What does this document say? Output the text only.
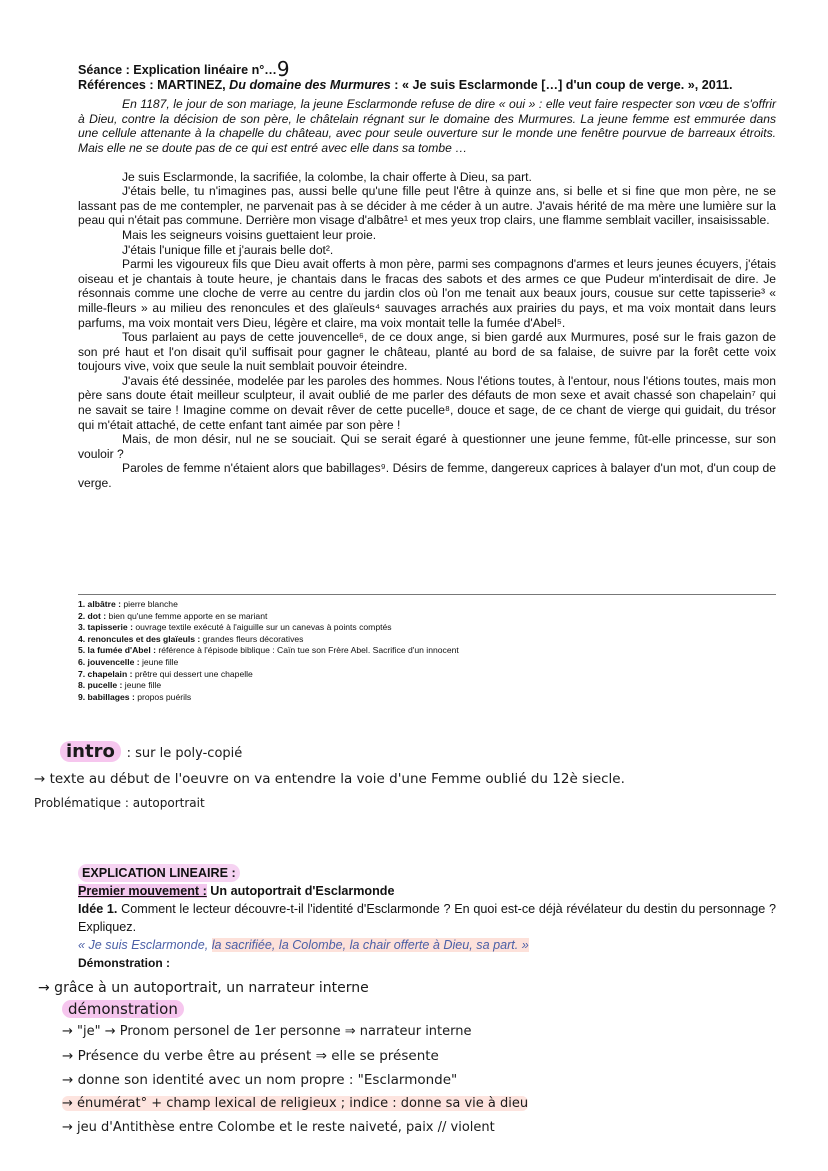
Séance : Explication linéaire n°…9
Références : MARTINEZ, Du domaine des Murmures : « Je suis Esclarmonde […] d'un coup de verge. », 2011.

En 1187, le jour de son mariage, la jeune Esclarmonde refuse de dire « oui » : elle veut faire respecter son vœu de s'offrir à Dieu, contre la décision de son père, le châtelain régnant sur le domaine des Murmures. La jeune femme est emmurée dans une cellule attenante à la chapelle du château, avec pour seule ouverture sur le monde une fenêtre pourvue de barreaux étroits. Mais elle ne se doute pas de ce qui est entré avec elle dans sa tombe …

Je suis Esclarmonde, la sacrifiée, la colombe, la chair offerte à Dieu, sa part.

J'étais belle, tu n'imagines pas, aussi belle qu'une fille peut l'être à quinze ans, si belle et si fine que mon père, ne se lassant pas de me contempler, ne parvenait pas à se décider à me céder à un autre. J'avais hérité de ma mère une lumière sur la peau qui n'était pas commune. Derrière mon visage d'albâtre¹ et mes yeux trop clairs, une flamme semblait vaciller, insaisissable.

Mais les seigneurs voisins guettaient leur proie.

J'étais l'unique fille et j'aurais belle dot².

Parmi les vigoureux fils que Dieu avait offerts à mon père, parmi ses compagnons d'armes et leurs jeunes écuyers, j'étais oiseau et je chantais à toute heure, je chantais dans le fracas des sabots et des armes ce que Pudeur m'interdisait de dire. Je résonnais comme une cloche de verre au centre du jardin clos où l'on me tenait aux beaux jours, cousue sur cette tapisserie³ « mille-fleurs » au milieu des renoncules et des glaïeuls⁴ sauvages arrachés aux prairies du pays, et ma voix montait dans leurs parfums, ma voix montait vers Dieu, légère et claire, ma voix montait telle la fumée d'Abel⁵.

Tous parlaient au pays de cette jouvencelle⁶, de ce doux ange, si bien gardé aux Murmures, posé sur le frais gazon de son pré haut et l'on disait qu'il suffisait pour gagner le château, planté au bord de sa falaise, de suivre par la forêt cette voix toujours vive, voix que seule la nuit semblait pouvoir éteindre.

J'avais été dessinée, modelée par les paroles des hommes. Nous l'étions toutes, à l'entour, nous l'étions toutes, mais mon père sans doute était meilleur sculpteur, il avait oublié de me parler des défauts de mon sexe et avait chassé son chapelain⁷ qui ne savait se taire ! Imagine comme on devait rêver de cette pucelle⁸, douce et sage, de ce chant de vierge qui guidait, du trésor qui m'était attaché, de cette enfant tant aimée par son père !

Mais, de mon désir, nul ne se souciait. Qui se serait égaré à questionner une jeune femme, fût-elle princesse, sur son vouloir ?

Paroles de femme n'étaient alors que babillages⁹. Désirs de femme, dangereux caprices à balayer d'un mot, d'un coup de verge.

1. albâtre : pierre blanche
2. dot : bien qu'une femme apporte en se mariant
3. tapisserie : ouvrage textile exécuté à l'aiguille sur un canevas à points comptés
4. renoncules et des glaïeuls : grandes fleurs décoratives
5. la fumée d'Abel : référence à l'épisode biblique : Caïn tue son Frère Abel. Sacrifice d'un innocent
6. jouvencelle : jeune fille
7. chapelain : prêtre qui dessert une chapelle
8. pucelle : jeune fille
9. babillages : propos puérils
intro : sur le poly-copié
→ texte au début de l'oeuvre on va entendre la voie d'une Femme oublié du 12è siecle.
Problématique : autoportrait
EXPLICATION LINEAIRE :
Premier mouvement : Un autoportrait d'Esclarmonde

Idée 1. Comment le lecteur découvre-t-il l'identité d'Esclarmonde ? En quoi est-ce déjà révélateur du destin du personnage ? Expliquez.

« Je suis Esclarmonde, la sacrifiée, la Colombe, la chair offerte à Dieu, sa part. »
Démonstration :
→ grâce à un autoportrait, un narrateur interne
démonstration
→ "je" → Pronom personel de 1er personne ⇒ narrateur interne
→ Présence du verbe être au présent ⇒ elle se présente
→ donne son identité avec un nom propre : "Esclarmonde"
→ énumérat° + champ lexical de religieux ; indice : donne sa vie à dieu
→ jeu d'Antithèse entre Colombe et le reste naiveté, paix // violent
